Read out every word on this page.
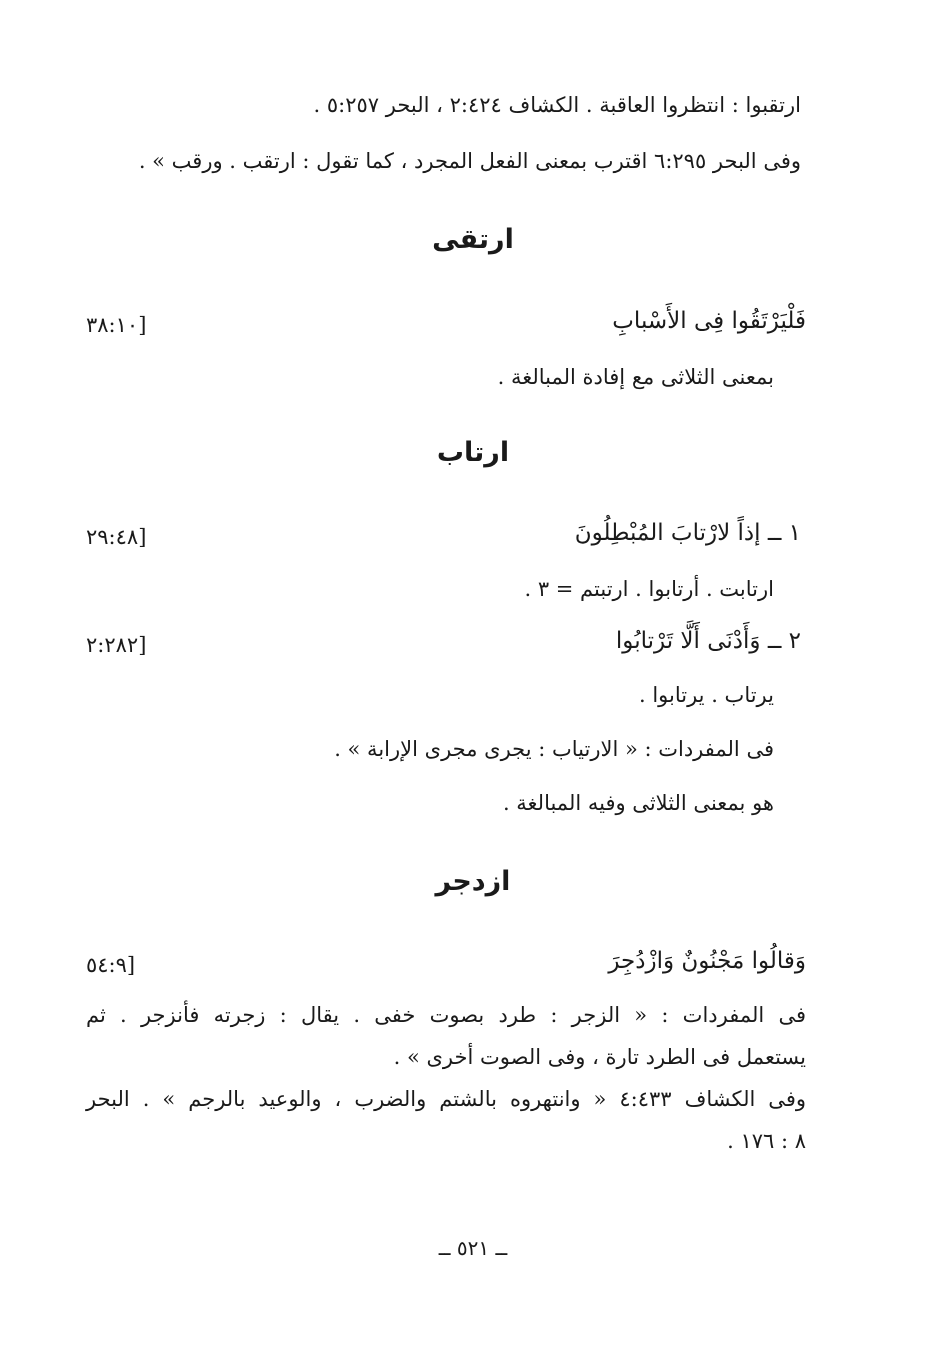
ارتقبوا : انتظروا العاقبة . الكشاف ٢:٤٢٤ ، البحر ٥:٢٥٧ .
وفى البحر ٦:٢٩٥ اقترب بمعنى الفعل المجرد ، كما تقول : ارتقب . ورقب » .
ارتقى
فَلْيَرْتَقُوا فِى الأَسْبابِ
[٣٨:١٠
بمعنى الثلاثى مع إفادة المبالغة .
ارتاب
١ ــ إذاً لارْتابَ المُبْطِلُونَ
[٢٩:٤٨
ارتابت . أرتابوا . ارتبتم = ٣ .
٢ ــ وَأَدْنَى أَلَّا تَرْتابُوا
[٢:٢٨٢
يرتاب . يرتابوا .
فى المفردات : « الارتياب : يجرى مجرى الإرابة » .
هو بمعنى الثلاثى وفيه المبالغة .
ازدجر
وَقالُوا مَجْنُونٌ وَازْدُجِرَ
[٥٤:٩
فى المفردات : « الزجر : طرد بصوت خفى . يقال : زجرته فأنزجر . ثم
يستعمل فى الطرد تارة ، وفى الصوت أخرى » .
وفى الكشاف ٤:٤٣٣ « وانتهروه بالشتم والضرب ، والوعيد بالرجم » . البحر
٨ : ١٧٦ .
ــ ٥٢١ ــ
